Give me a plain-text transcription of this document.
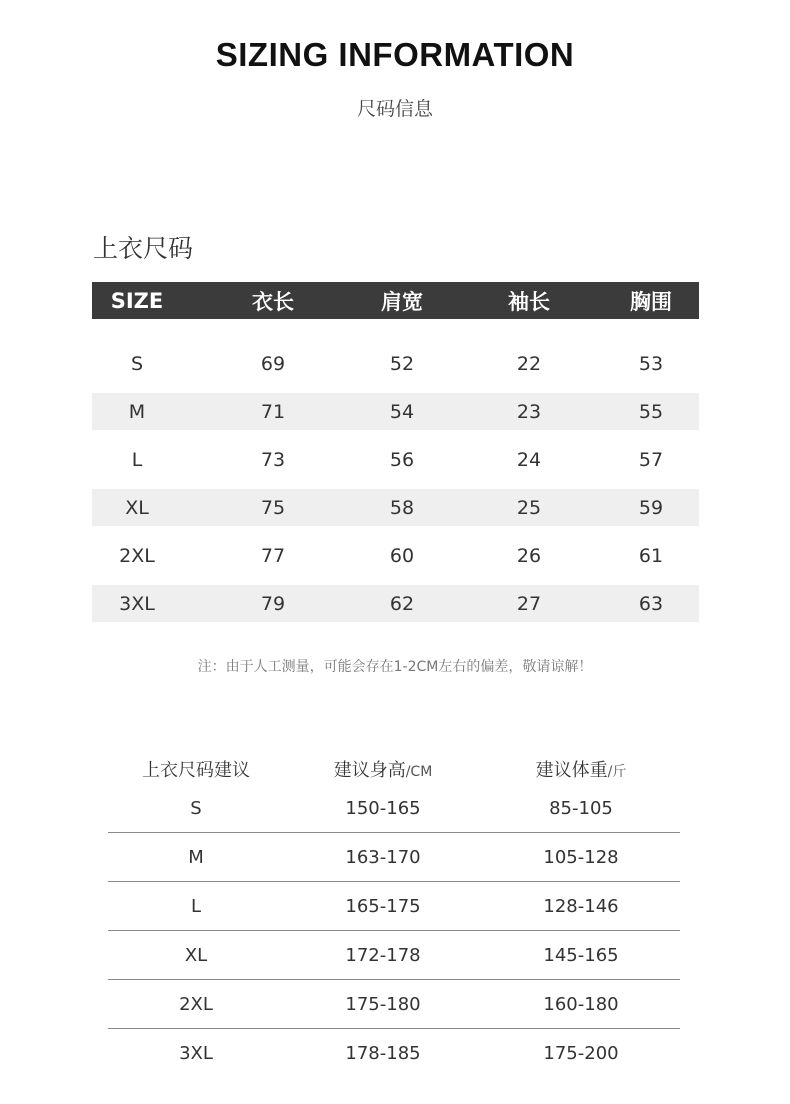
SIZING INFORMATION
尺码信息
上衣尺码
SIZE	衣长	肩宽	袖长	胸围
S	69	52	22	53
M	71	54	23	55
L	73	56	24	57
XL	75	58	25	59
2XL	77	60	26	61
3XL	79	62	27	63
注：由于人工测量，可能会存在1-2CM左右的偏差，敬请谅解！
上衣尺码建议	建议身高/CM	建议体重/斤
S	150-165	85-105
M	163-170	105-128
L	165-175	128-146
XL	172-178	145-165
2XL	175-180	160-180
3XL	178-185	175-200
